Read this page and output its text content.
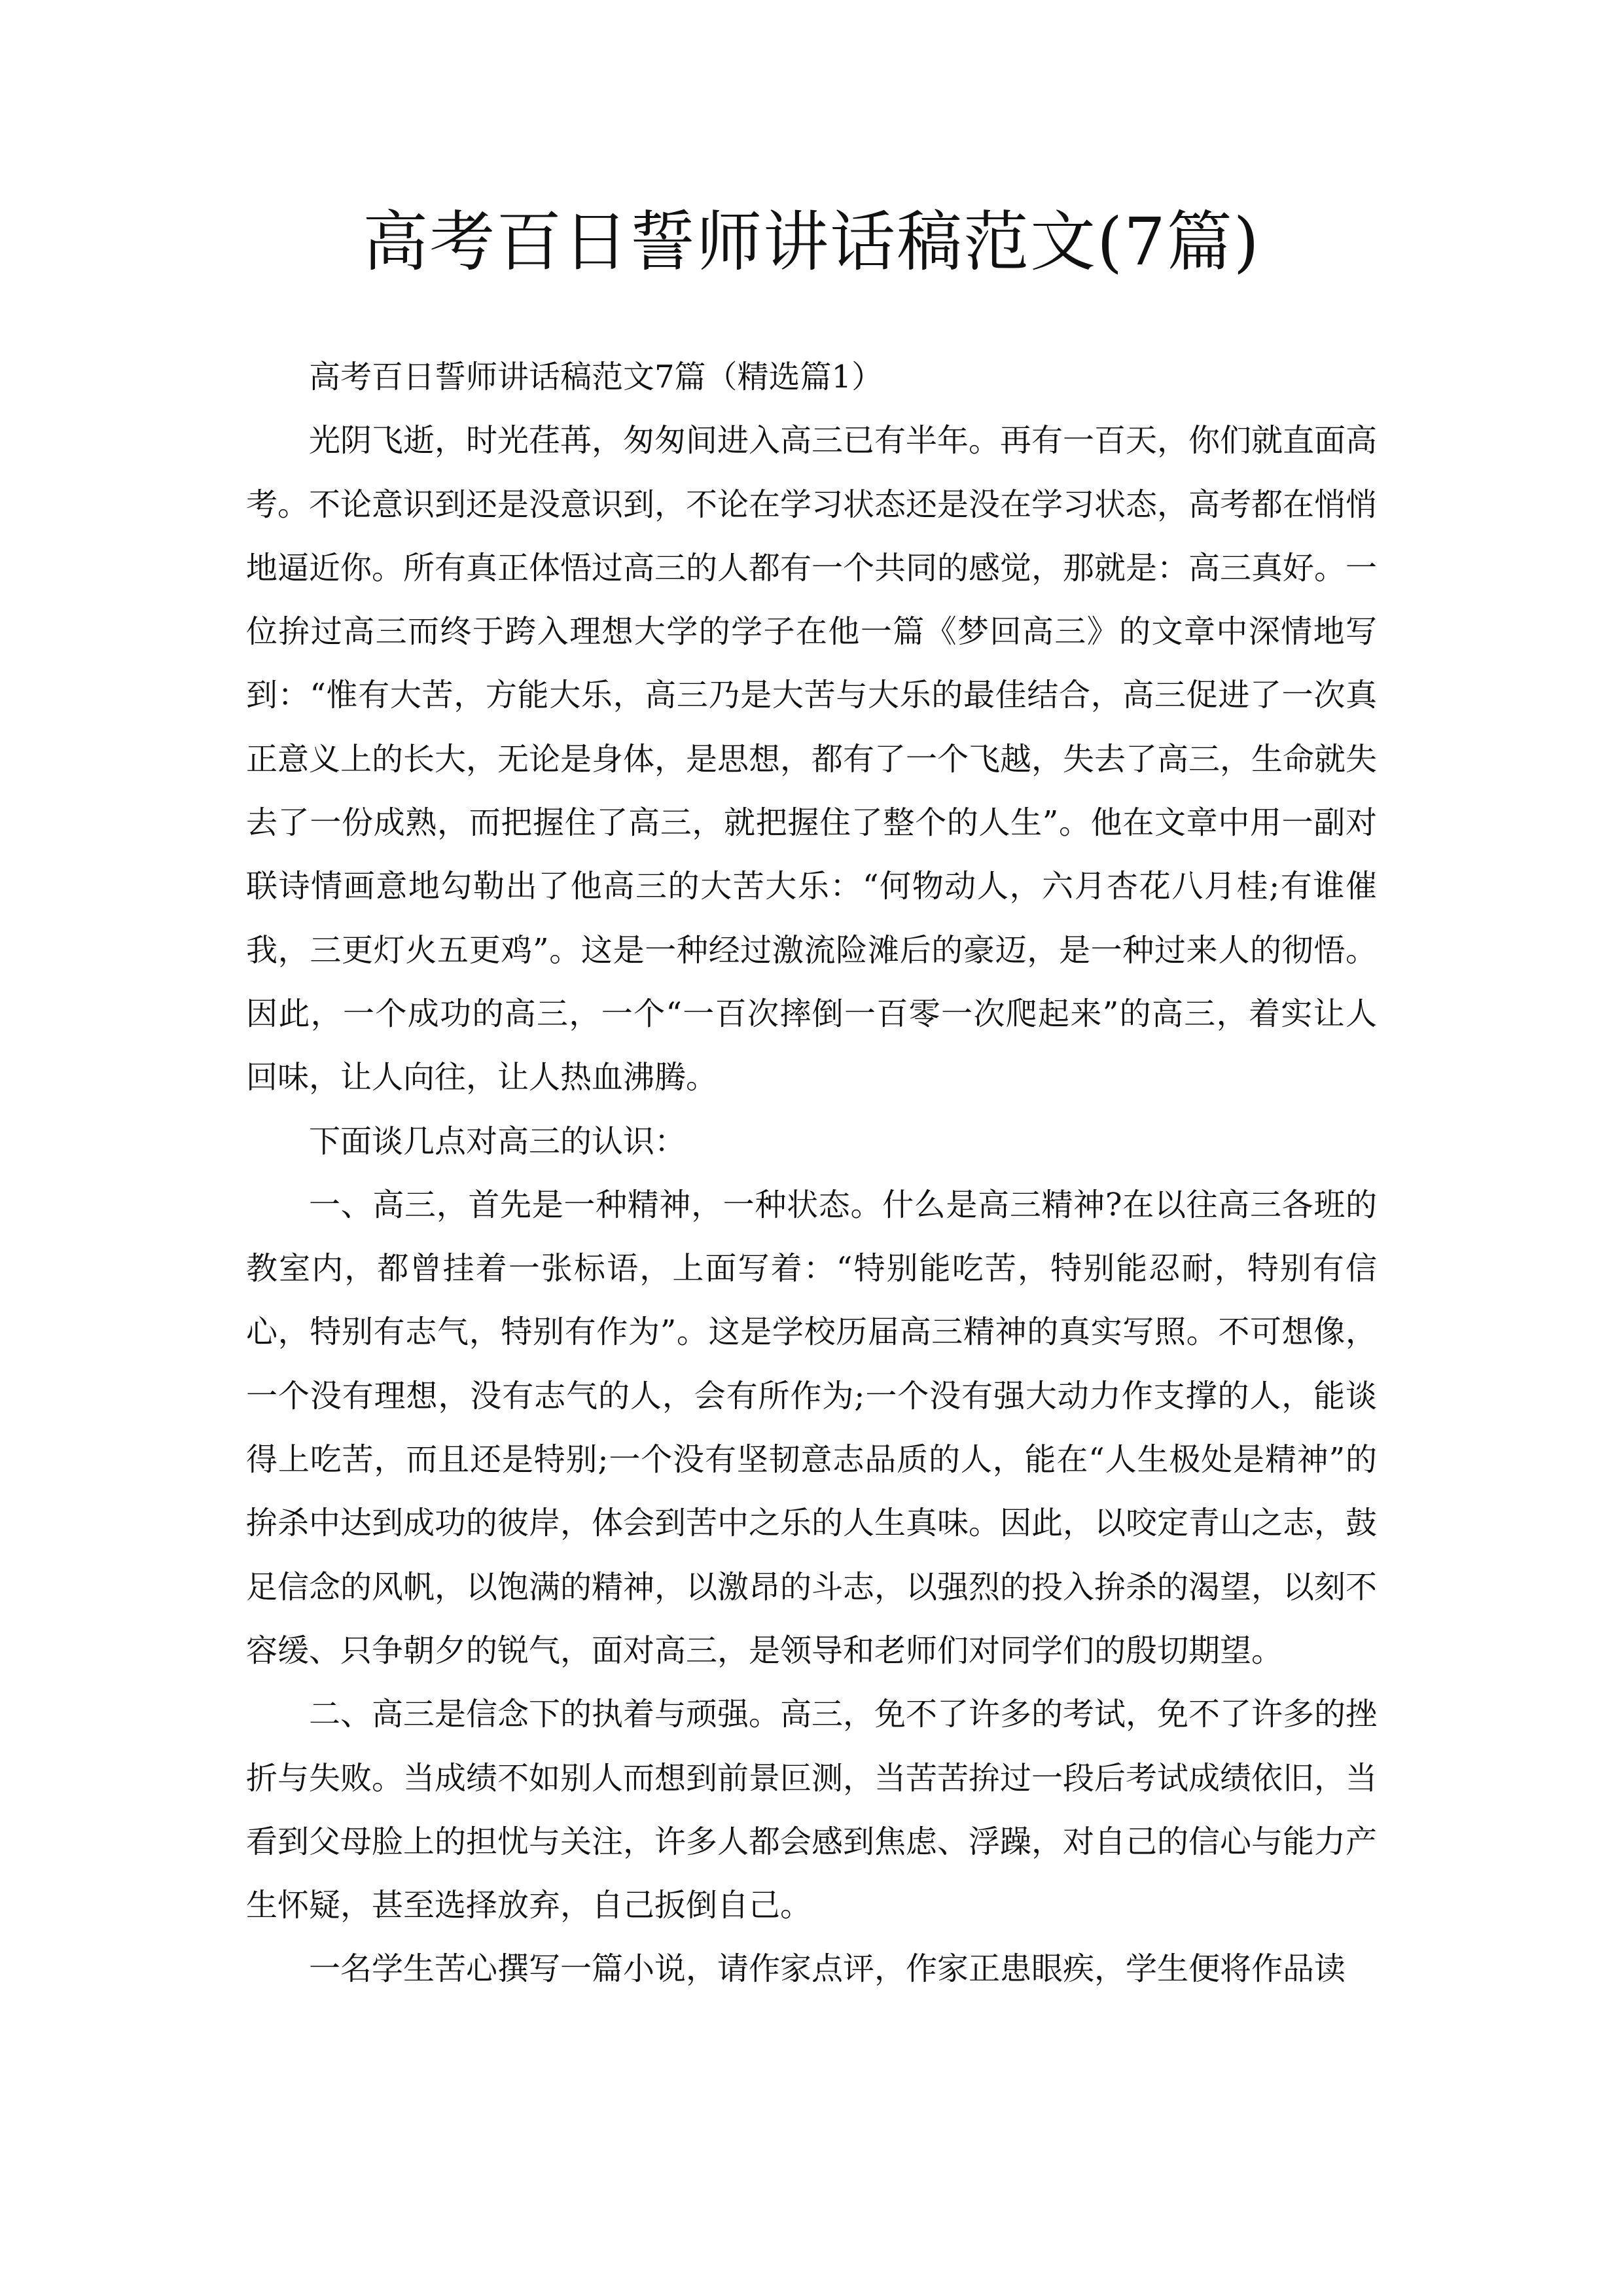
高考百日誓师讲话稿范文(7篇)

高考百日誓师讲话稿范文7篇（精选篇1）

光阴飞逝，时光荏苒，匆匆间进入高三已有半年。再有一百天，你们就直面高考。不论意识到还是没意识到，不论在学习状态还是没在学习状态，高考都在悄悄地逼近你。所有真正体悟过高三的人都有一个共同的感觉，那就是：高三真好。一位拚过高三而终于跨入理想大学的学子在他一篇《梦回高三》的文章中深情地写到：“惟有大苦，方能大乐，高三乃是大苦与大乐的最佳结合，高三促进了一次真正意义上的长大，无论是身体，是思想，都有了一个飞越，失去了高三，生命就失去了一份成熟，而把握住了高三，就把握住了整个的人生”。他在文章中用一副对联诗情画意地勾勒出了他高三的大苦大乐：“何物动人，六月杏花八月桂;有谁催我，三更灯火五更鸡”。这是一种经过激流险滩后的豪迈，是一种过来人的彻悟。因此，一个成功的高三，一个“一百次摔倒一百零一次爬起来”的高三，着实让人回味，让人向往，让人热血沸腾。

下面谈几点对高三的认识：

一、高三，首先是一种精神，一种状态。什么是高三精神?在以往高三各班的教室内，都曾挂着一张标语，上面写着：“特别能吃苦，特别能忍耐，特别有信心，特别有志气，特别有作为”。这是学校历届高三精神的真实写照。不可想像，一个没有理想，没有志气的人，会有所作为;一个没有强大动力作支撑的人，能谈得上吃苦，而且还是特别;一个没有坚韧意志品质的人，能在“人生极处是精神”的拚杀中达到成功的彼岸，体会到苦中之乐的人生真味。因此，以咬定青山之志，鼓足信念的风帆，以饱满的精神，以激昂的斗志，以强烈的投入拚杀的渴望，以刻不容缓、只争朝夕的锐气，面对高三，是领导和老师们对同学们的殷切期望。

二、高三是信念下的执着与顽强。高三，免不了许多的考试，免不了许多的挫折与失败。当成绩不如别人而想到前景叵测，当苦苦拚过一段后考试成绩依旧，当看到父母脸上的担忧与关注，许多人都会感到焦虑、浮躁，对自己的信心与能力产生怀疑，甚至选择放弃，自己扳倒自己。

一名学生苦心撰写一篇小说，请作家点评，作家正患眼疾，学生便将作品读
